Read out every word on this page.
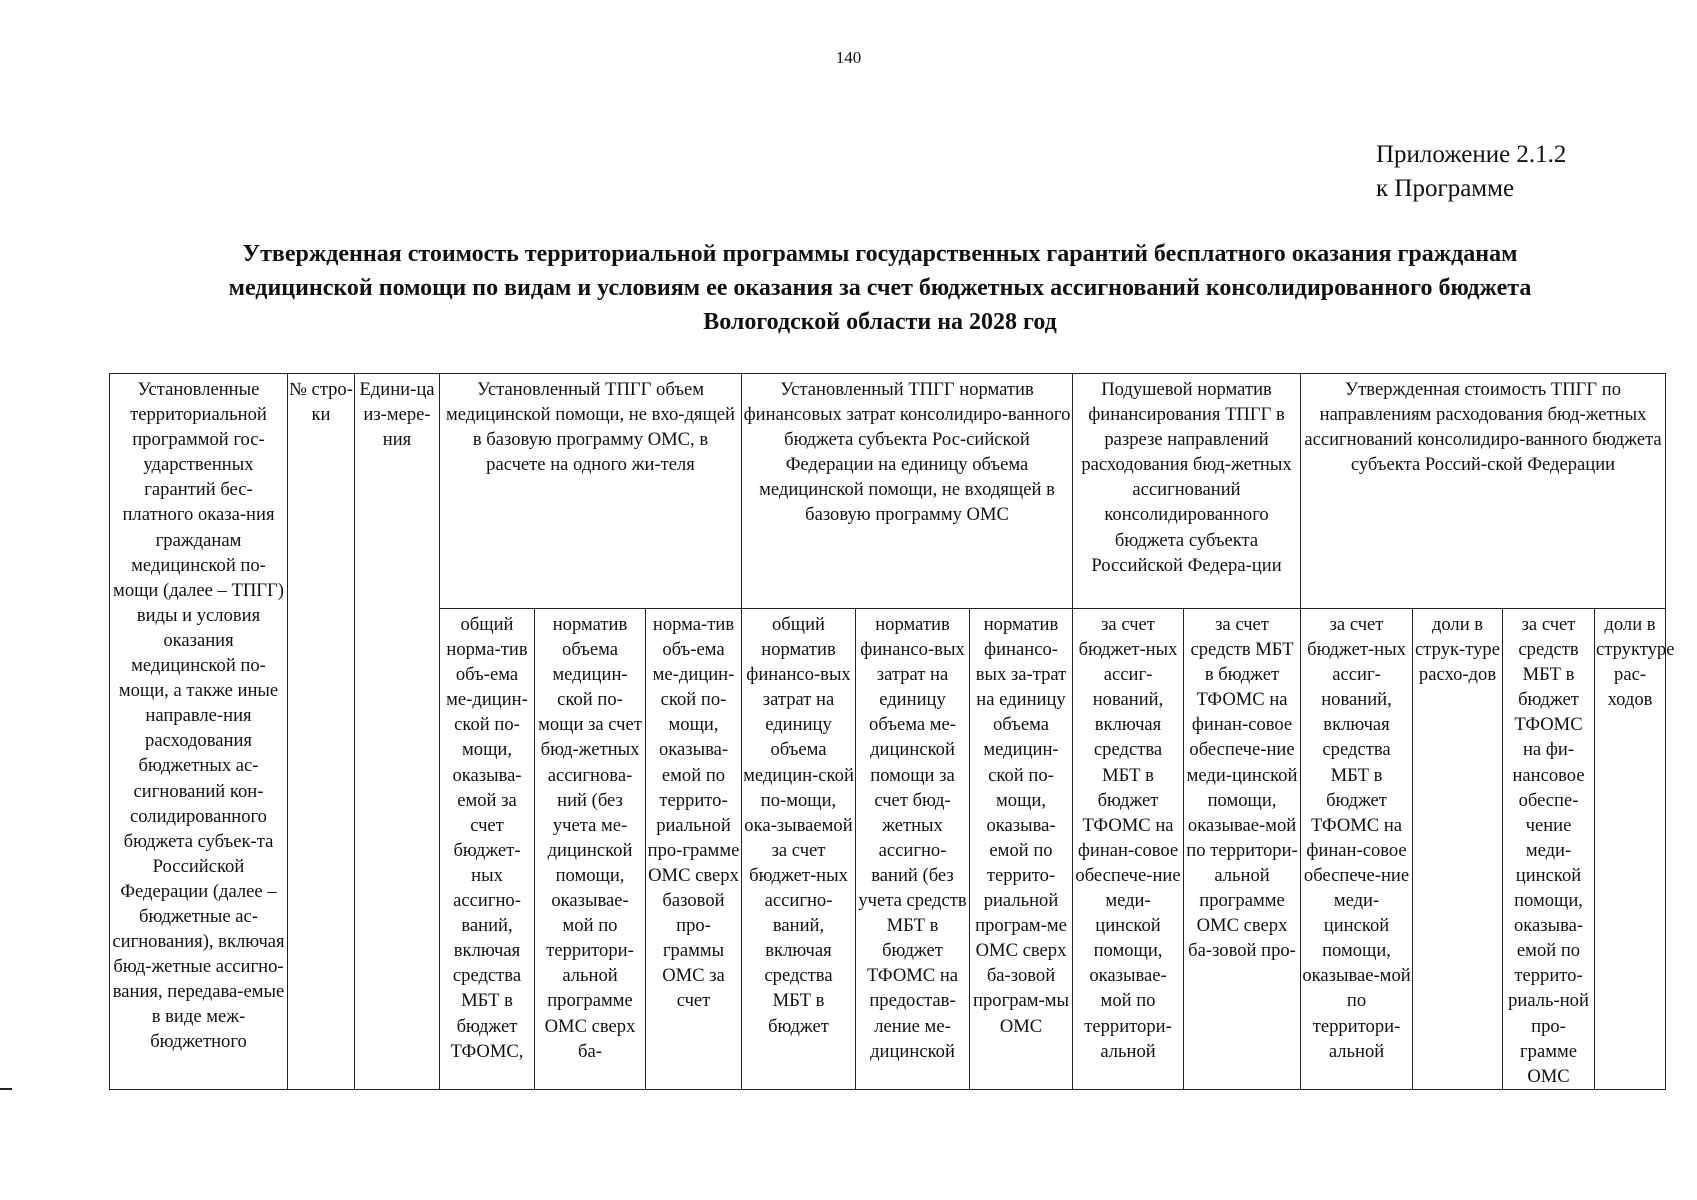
140
Приложение 2.1.2
к Программе
Утвержденная стоимость территориальной программы государственных гарантий бесплатного оказания гражданам
медицинской помощи по видам и условиям ее оказания за счет бюджетных ассигнований консолидированного бюджета
Вологодской области на 2028 год
Установленные территориальной программой гос-ударственных гарантий бес-платного оказа-ния гражданам медицинской по-мощи (далее – ТПГГ) виды и условия оказания медицинской по-мощи, а также иные направле-ния расходования бюджетных ас-сигнований кон-солидированного бюджета субъек-та Российской Федерации (далее – бюджетные ас-сигнования), включая бюд-жетные ассигно-вания, передава-емые в виде меж-бюджетного	№ стро-ки	Едини-ца из-мере-ния	Установленный ТПГГ объем медицинской помощи, не вхо-дящей в базовую программу ОМС, в расчете на одного жи-теля			Установленный ТПГГ норматив финансовых затрат консолидиро-ванного бюджета субъекта Рос-сийской Федерации на единицу объема медицинской помощи, не входящей в базовую программу ОМС			Подушевой норматив финансирования ТПГГ в разрезе направлений расходования бюд-жетных ассигнований консолидированного бюджета субъекта Российской Федера-ции		Утвержденная стоимость ТПГГ по направлениям расходования бюд-жетных ассигнований консолидиро-ванного бюджета субъекта Россий-ской Федерации			

			общий норма-тив объ-ема ме-дицин-ской по-мощи, оказыва-емой за счет бюджет-ных ассигно-ваний, включая средства МБТ в бюджет ТФОМС,	норматив объема медицин-ской по-мощи за счет бюд-жетных ассигнова-ний (без учета ме-дицинской помощи, оказывае-мой по территори-альной программе ОМС сверх ба-	норма-тив объ-ема ме-дицин-ской по-мощи, оказыва-емой по террито-риальной про-грамме ОМС сверх базовой про-граммы ОМС за счет	общий норматив финансо-вых затрат на единицу объема медицин-ской по-мощи, ока-зываемой за счет бюджет-ных ассигно-ваний, включая средства МБТ в бюджет	норматив финансо-вых затрат на единицу объема ме-дицинской помощи за счет бюд-жетных ассигно-ваний (без учета средств МБТ в бюджет ТФОМС на предостав-ление ме-дицинской	норматив финансо-вых за-трат на единицу объема медицин-ской по-мощи, оказыва-емой по террито-риальной програм-ме ОМС сверх ба-зовой програм-мы ОМС	за счет бюджет-ных ассиг-нований, включая средства МБТ в бюджет ТФОМС на финан-совое обеспече-ние меди-цинской помощи, оказывае-мой по территори-альной	за счет средств МБТ в бюджет ТФОМС на финан-совое обеспече-ние меди-цинской помощи, оказывае-мой по территори-альной программе ОМС сверх ба-зовой про-	за счет бюджет-ных ассиг-нований, включая средства МБТ в бюджет ТФОМС на финан-совое обеспече-ние меди-цинской помощи, оказывае-мой по территори-альной	доли в струк-туре расхо-дов	за счет средств МБТ в бюджет ТФОМС на фи-нансовое обеспе-чение меди-цинской помощи, оказыва-емой по террито-риаль-ной про-грамме ОМС	доли в структуре рас-ходов
